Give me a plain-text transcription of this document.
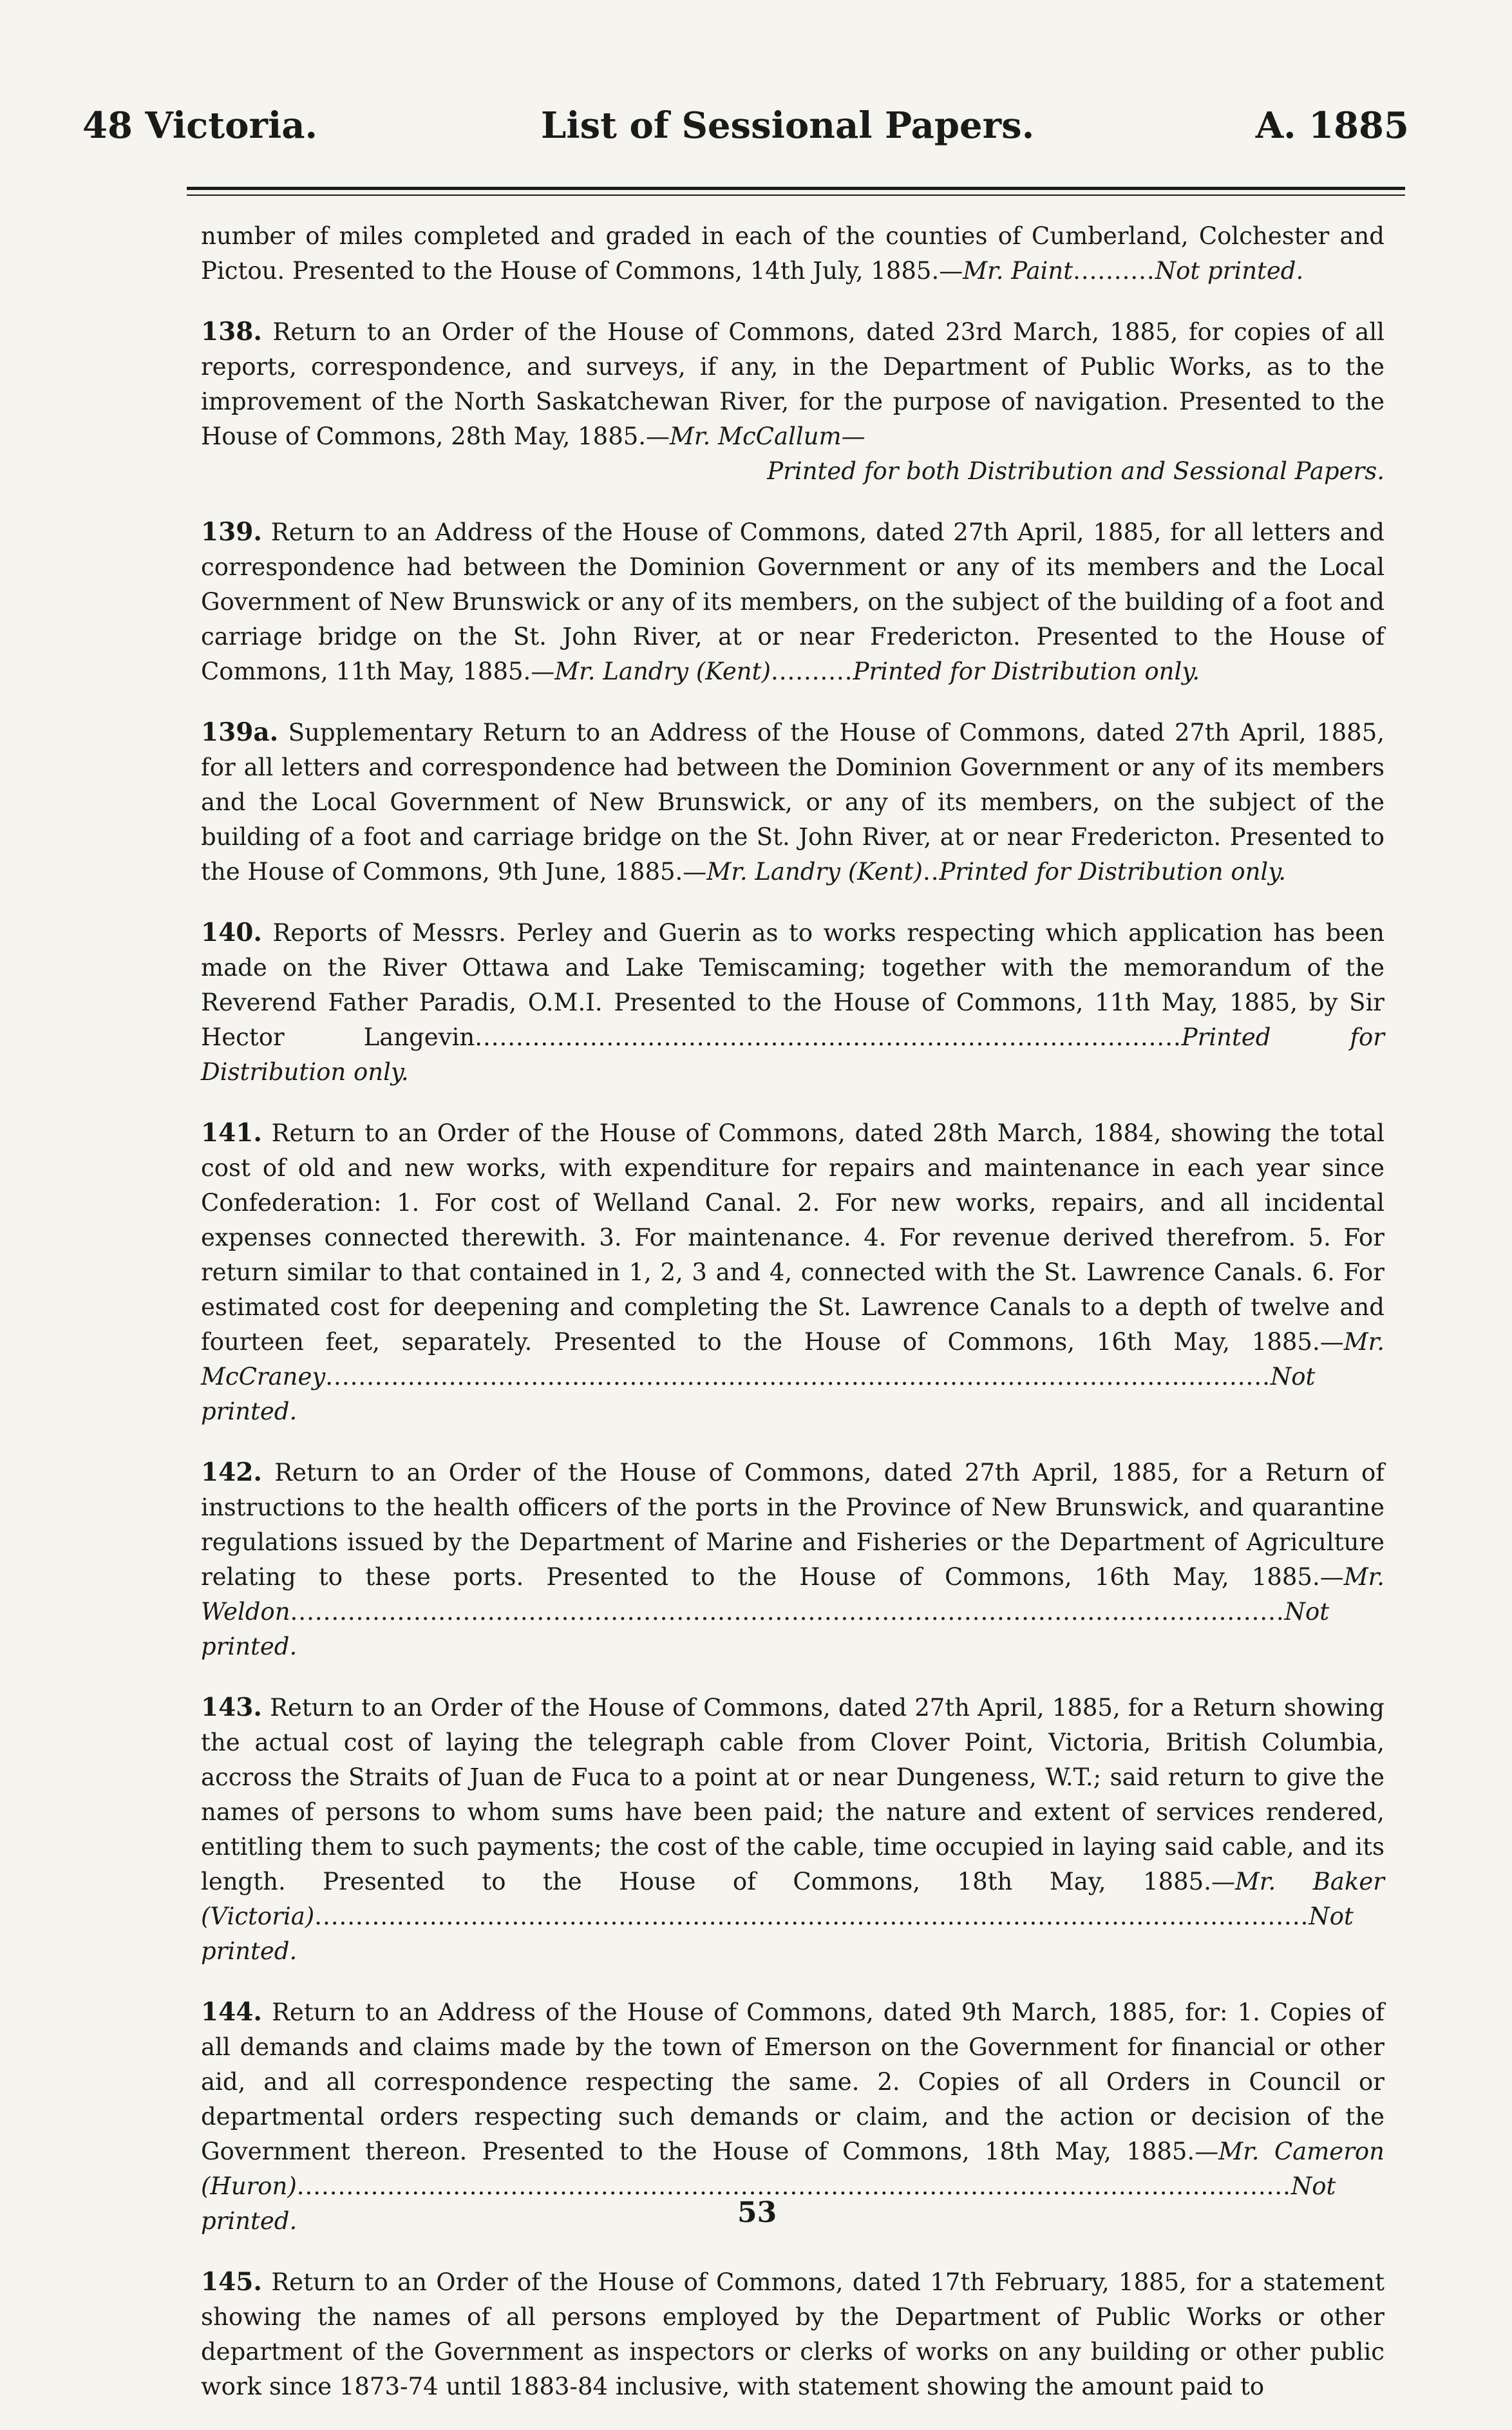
48 Victoria.	List of Sessional Papers.	A. 1885

number of miles completed and graded in each of the counties of Cumberland, Colchester and Pictou. Presented to the House of Commons, 14th July, 1885.—Mr. Paint..........Not printed.

138. Return to an Order of the House of Commons, dated 23rd March, 1885, for copies of all reports, correspondence, and surveys, if any, in the Department of Public Works, as to the improvement of the North Saskatchewan River, for the purpose of navigation. Presented to the House of Commons, 28th May, 1885.—Mr. McCallum—

Printed for both Distribution and Sessional Papers.

139. Return to an Address of the House of Commons, dated 27th April, 1885, for all letters and correspondence had between the Dominion Government or any of its members and the Local Government of New Brunswick or any of its members, on the subject of the building of a foot and carriage bridge on the St. John River, at or near Fredericton. Presented to the House of Commons, 11th May, 1885.—Mr. Landry (Kent)..........Printed for Distribution only.

139a. Supplementary Return to an Address of the House of Commons, dated 27th April, 1885, for all letters and correspondence had between the Dominion Government or any of its members and the Local Government of New Brunswick, or any of its members, on the subject of the building of a foot and carriage bridge on the St. John River, at or near Fredericton. Presented to the House of Commons, 9th June, 1885.—Mr. Landry (Kent)..Printed for Distribution only.

140. Reports of Messrs. Perley and Guerin as to works respecting which application has been made on the River Ottawa and Lake Temiscaming; together with the memorandum of the Reverend Father Paradis, O.M.I. Presented to the House of Commons, 11th May, 1885, by Sir Hector Langevin......................................................................................Printed for Distribution only.

141. Return to an Order of the House of Commons, dated 28th March, 1884, showing the total cost of old and new works, with expenditure for repairs and maintenance in each year since Confederation: 1. For cost of Welland Canal. 2. For new works, repairs, and all incidental expenses connected therewith. 3. For maintenance. 4. For revenue derived therefrom. 5. For return similar to that contained in 1, 2, 3 and 4, connected with the St. Lawrence Canals. 6. For estimated cost for deepening and completing the St. Lawrence Canals to a depth of twelve and fourteen feet, separately. Presented to the House of Commons, 16th May, 1885.—Mr. McCraney...................................................................................................................Not printed.

142. Return to an Order of the House of Commons, dated 27th April, 1885, for a Return of instructions to the health officers of the ports in the Province of New Brunswick, and quarantine regulations issued by the Department of Marine and Fisheries or the Department of Agriculture relating to these ports. Presented to the House of Commons, 16th May, 1885.—Mr. Weldon.........................................................................................................................Not printed.

143. Return to an Order of the House of Commons, dated 27th April, 1885, for a Return showing the actual cost of laying the telegraph cable from Clover Point, Victoria, British Columbia, accross the Straits of Juan de Fuca to a point at or near Dungeness, W.T.; said return to give the names of persons to whom sums have been paid; the nature and extent of services rendered, entitling them to such payments; the cost of the cable, time occupied in laying said cable, and its length. Presented to the House of Commons, 18th May, 1885.—Mr. Baker (Victoria).........................................................................................................................Not printed.

144. Return to an Address of the House of Commons, dated 9th March, 1885, for: 1. Copies of all demands and claims made by the town of Emerson on the Government for financial or other aid, and all correspondence respecting the same. 2. Copies of all Orders in Council or departmental orders respecting such demands or claim, and the action or decision of the Government thereon. Presented to the House of Commons, 18th May, 1885.—Mr. Cameron (Huron).........................................................................................................................Not printed.

145. Return to an Order of the House of Commons, dated 17th February, 1885, for a statement showing the names of all persons employed by the Department of Public Works or other department of the Government as inspectors or clerks of works on any building or other public work since 1873-74 until 1883-84 inclusive, with statement showing the amount paid to

53
